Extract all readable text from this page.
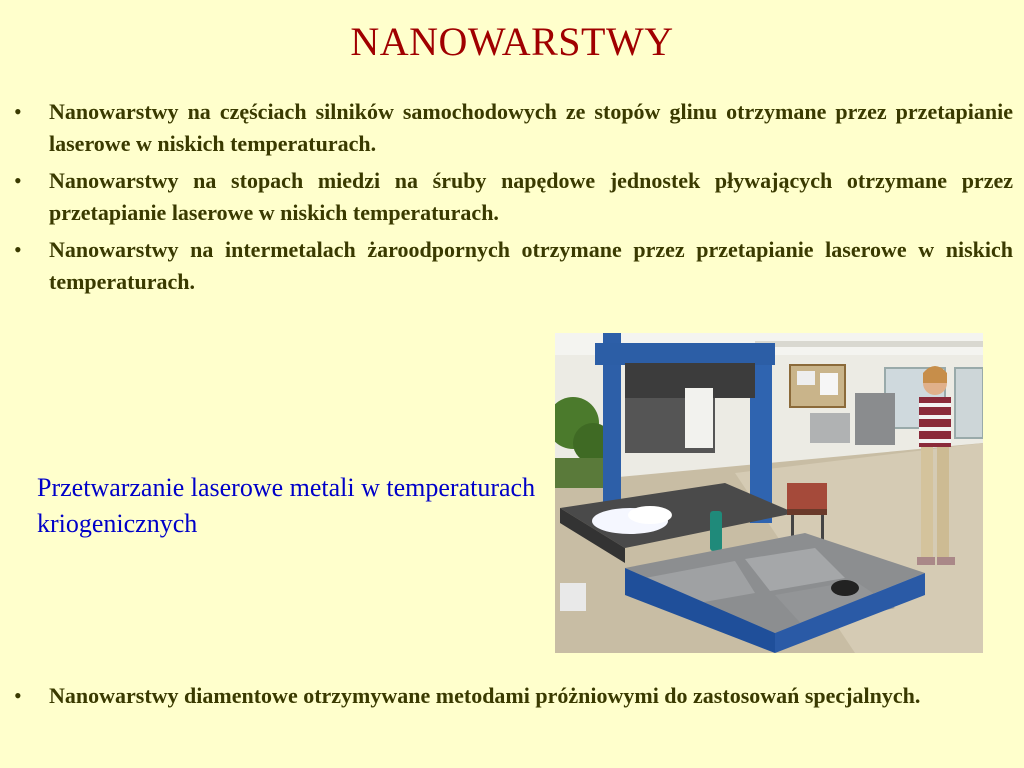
NANOWARSTWY
• Nanowarstwy na częściach silników samochodowych ze stopów glinu otrzymane przez przetapianie laserowe w niskich temperaturach.
• Nanowarstwy na stopach miedzi na śruby napędowe jednostek pływających otrzymane przez przetapianie laserowe w niskich temperaturach.
• Nanowarstwy na intermetalach żaroodpornych otrzymane przez przetapianie laserowe w niskich temperaturach.

Przetwarzanie laserowe metali w temperaturach kriogenicznych

• Nanowarstwy diamentowe otrzymywane metodami próżniowymi do zastosowań specjalnych.
